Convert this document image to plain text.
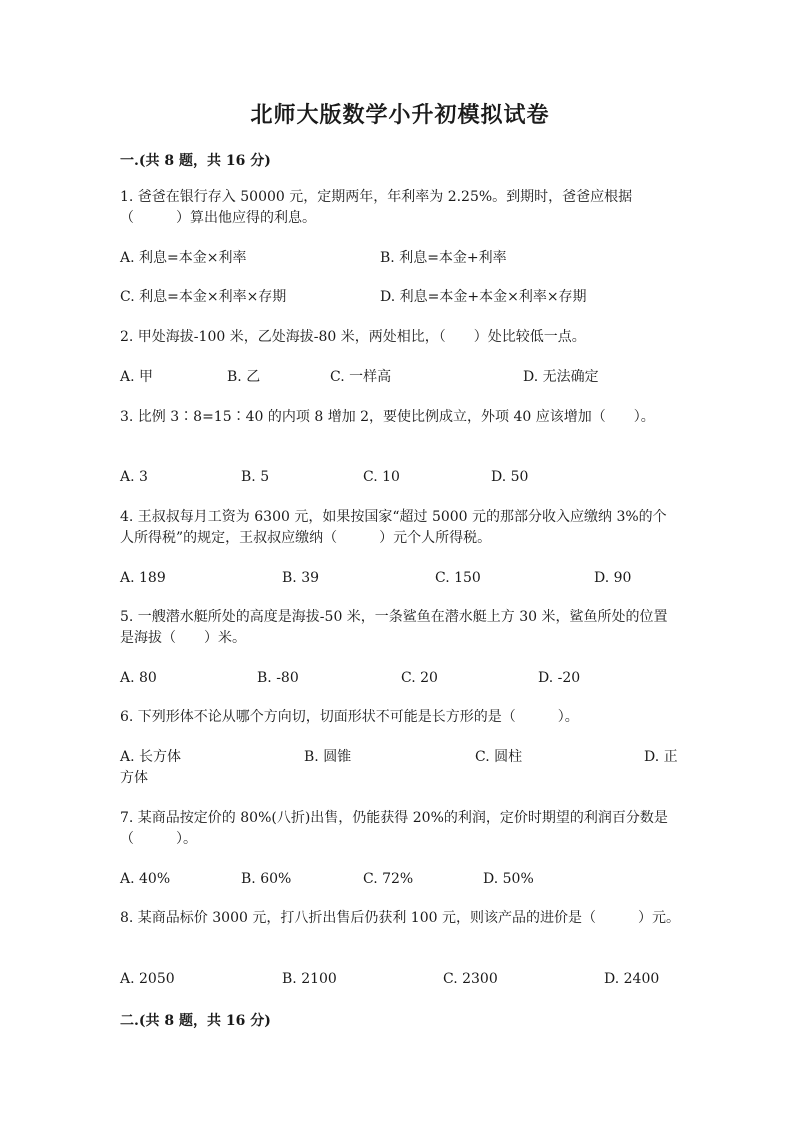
北师大版数学小升初模拟试卷
一.(共 8 题，共 16 分)
1. 爸爸在银行存入 50000 元，定期两年，年利率为 2.25%。到期时，爸爸应根据（　　　）算出他应得的利息。
A. 利息=本金×利率	B. 利息=本金+利率
C. 利息=本金×利率×存期	D. 利息=本金+本金×利率×存期
2. 甲处海拔-100 米，乙处海拔-80 米，两处相比，（　　）处比较低一点。
A. 甲	B. 乙	C. 一样高	D. 无法确定
3. 比例 3∶8=15∶40 的内项 8 增加 2，要使比例成立，外项 40 应该增加（　　）。
A. 3	B. 5	C. 10	D. 50
4. 王叔叔每月工资为 6300 元，如果按国家“超过 5000 元的那部分收入应缴纳 3%的个人所得税”的规定，王叔叔应缴纳（　　　）元个人所得税。
A. 189	B. 39	C. 150	D. 90
5. 一艘潜水艇所处的高度是海拔-50 米，一条鲨鱼在潜水艇上方 30 米，鲨鱼所处的位置是海拔（　　）米。
A. 80	B. -80	C. 20	D. -20
6. 下列形体不论从哪个方向切，切面形状不可能是长方形的是（　　　）。
A. 长方体	B. 圆锥	C. 圆柱	D. 正
方体
7. 某商品按定价的 80%(八折)出售，仍能获得 20%的利润，定价时期望的利润百分数是（　　　）。
A. 40%	B. 60%	C. 72%	D. 50%
8. 某商品标价 3000 元，打八折出售后仍获利 100 元，则该产品的进价是（　　　）元。
A. 2050	B. 2100	C. 2300	D. 2400
二.(共 8 题，共 16 分)
